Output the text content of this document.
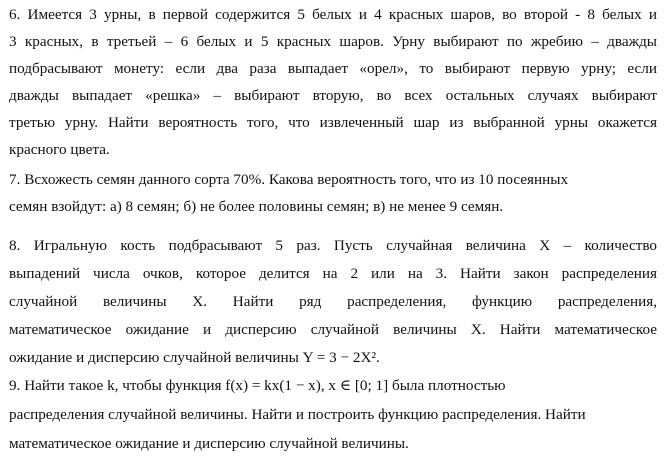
6. Имеется 3 урны, в первой содержится 5 белых и 4 красных шаров, во второй - 8 белых и
3 красных, в третьей – 6 белых и 5 красных шаров. Урну выбирают по жребию – дважды
подбрасывают монету: если два раза выпадает «орел», то выбирают первую урну; если
дважды выпадает «решка» – выбирают вторую, во всех остальных случаях выбирают
третью урну. Найти вероятность того, что извлеченный шар из выбранной урны окажется
красного цвета.
7. Всхожесть семян данного сорта 70%. Какова вероятность того, что из 10 посеянных
семян взойдут: а) 8 семян; б) не более половины семян; в) не менее 9 семян.
8. Игральную кость подбрасывают 5 раз. Пусть случайная величина X – количество
выпадений числа очков, которое делится на 2 или на 3. Найти закон распределения
случайной величины X. Найти ряд распределения, функцию распределения,
математическое ожидание и дисперсию случайной величины Х. Найти математическое
ожидание и дисперсию случайной величины Y = 3 − 2X².
9. Найти такое k, чтобы функция f(x) = kx(1 − x), x ∈ [0; 1] была плотностью
распределения случайной величины. Найти и построить функцию распределения. Найти
математическое ожидание и дисперсию случайной величины.
